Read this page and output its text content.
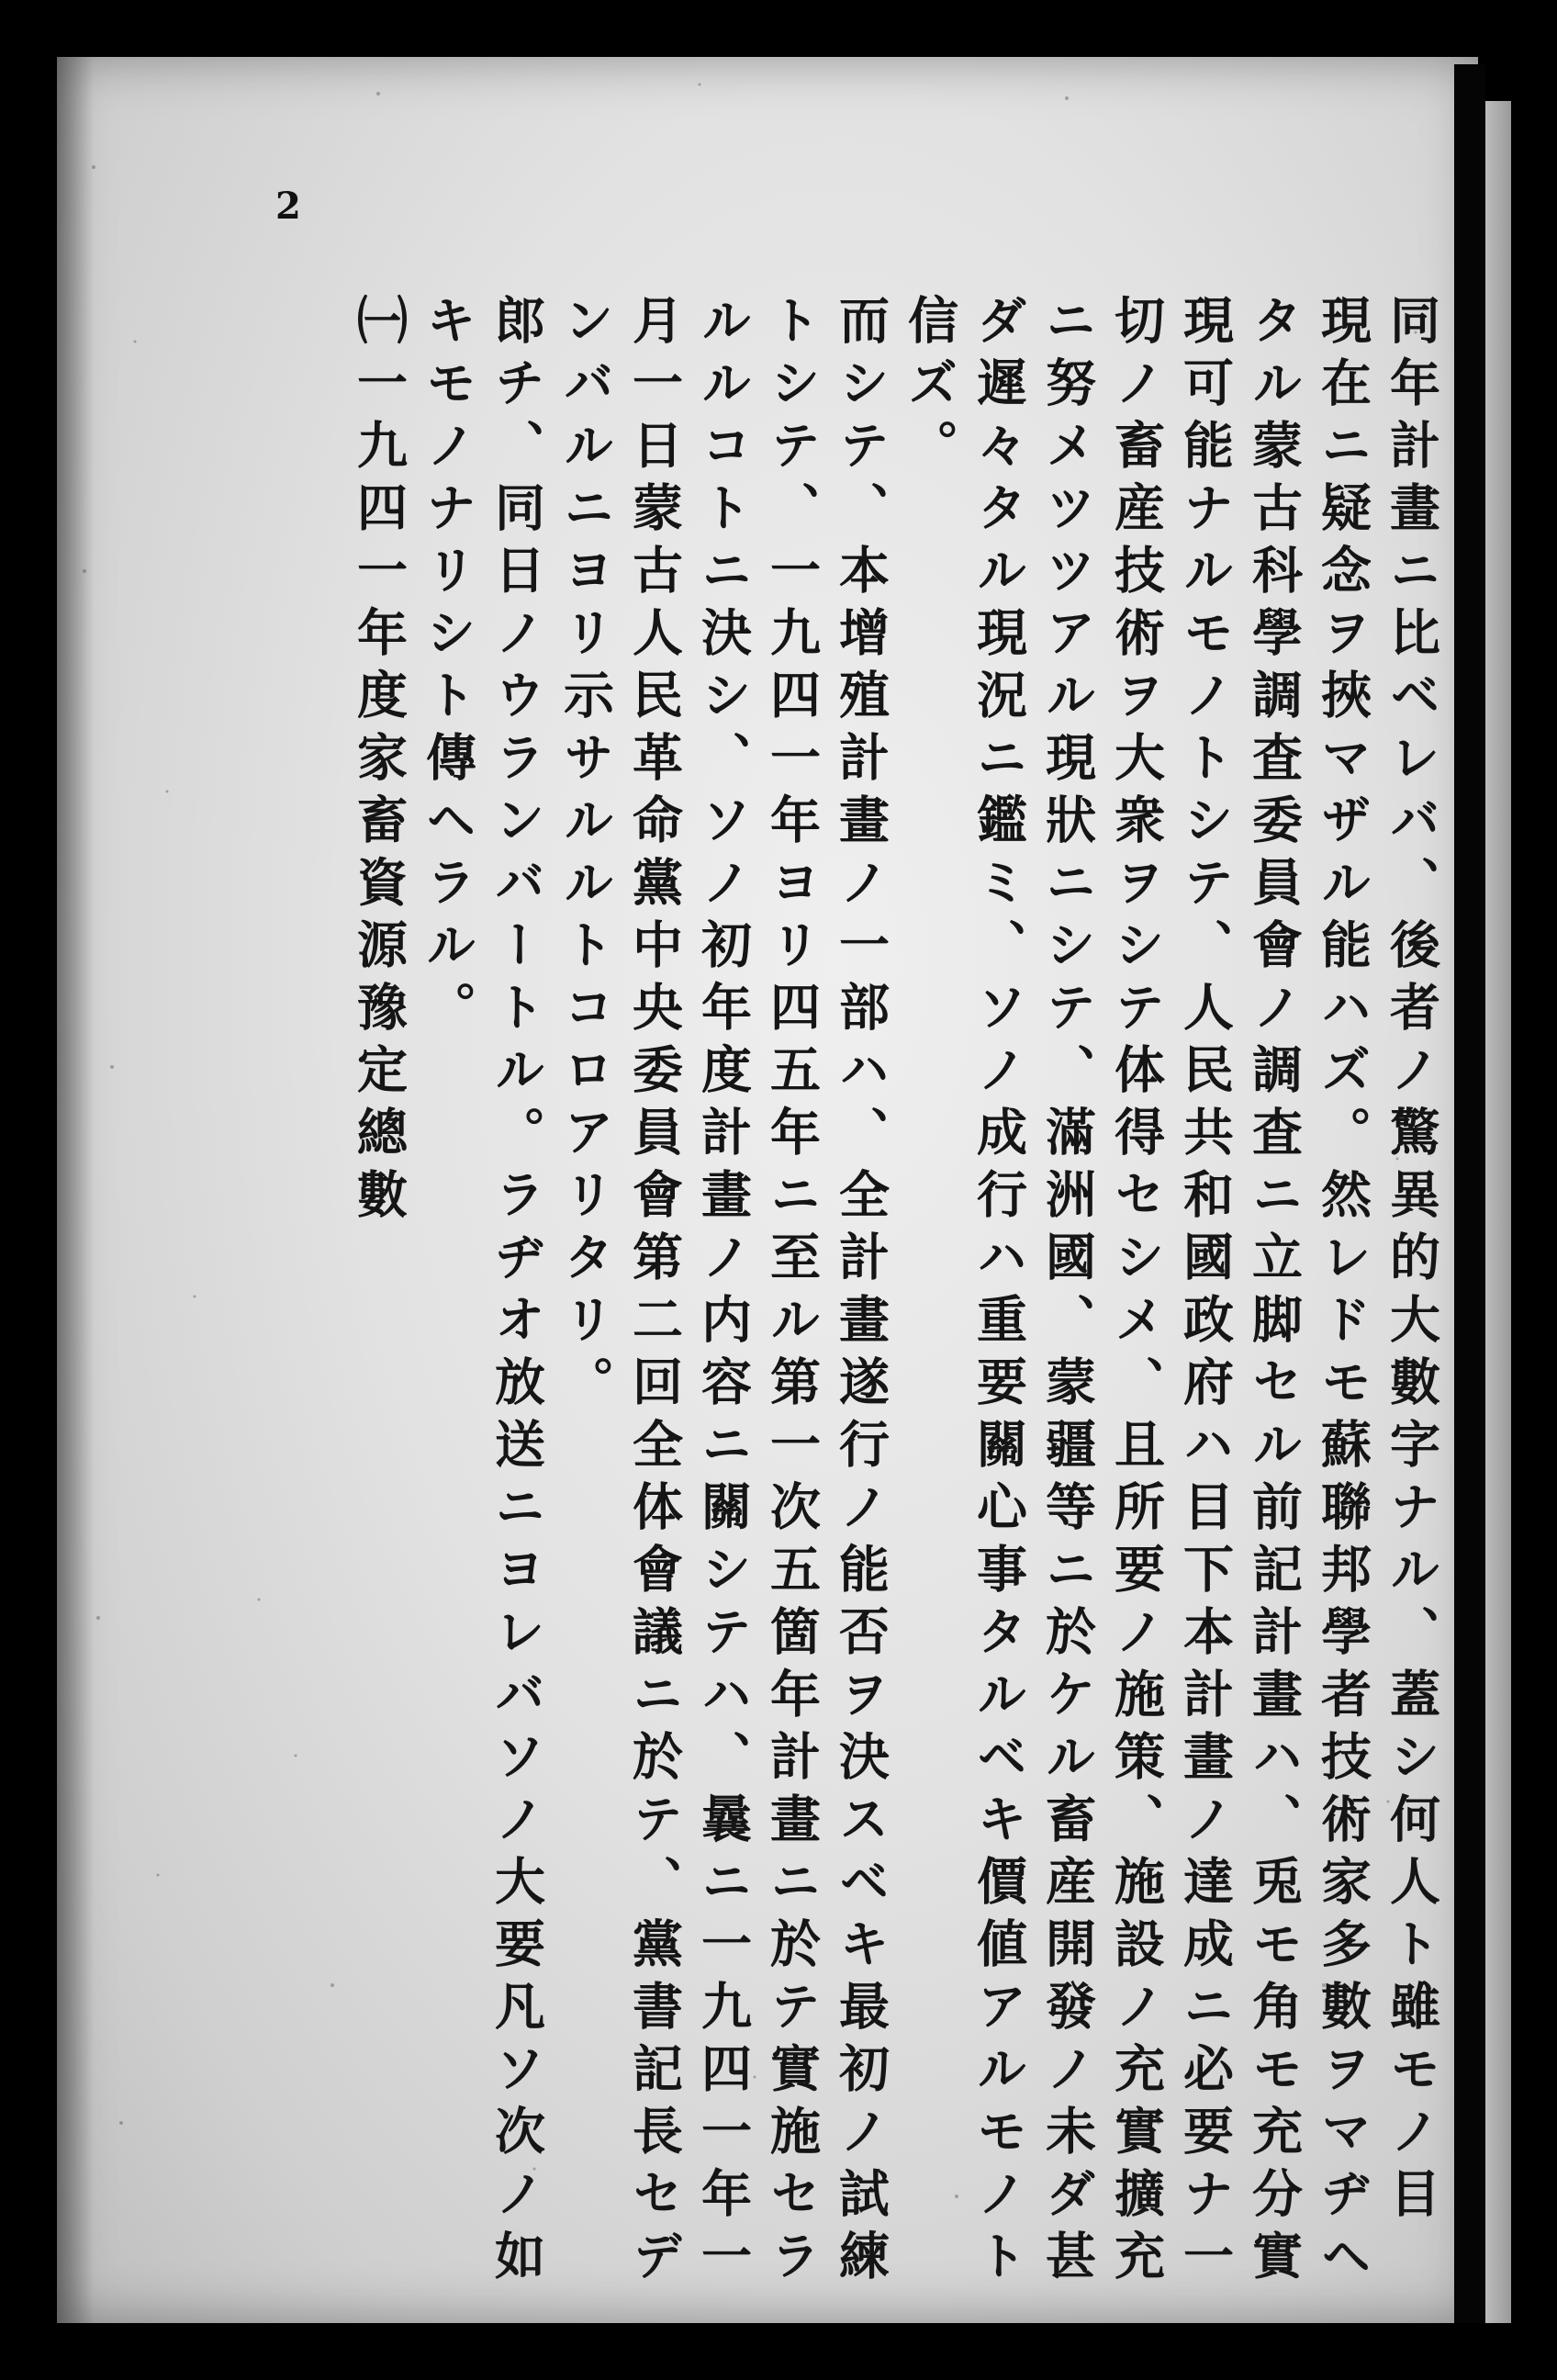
2
同年計畫ニ比ベレバ、後者ノ驚異的大數字ナル、蓋シ何人ト雖モノ目
現在ニ疑念ヲ挾マザル能ハズ。然レドモ蘇聯邦學者技術家多數ヲマヂヘ
タル蒙古科學調査委員會ノ調査ニ立脚セル前記計畫ハ、兎モ角モ充分實
現可能ナルモノトシテ、人民共和國政府ハ目下本計畫ノ達成ニ必要ナ一
切ノ畜産技術ヲ大衆ヲシテ体得セシメ、且所要ノ施策、施設ノ充實擴充
ニ努メツツアル現狀ニシテ、滿洲國、蒙疆等ニ於ケル畜産開發ノ未ダ甚
ダ遲々タル現況ニ鑑ミ、ソノ成行ハ重要關心事タルベキ價値アルモノト
信ズ。
而シテ、本增殖計畫ノ一部ハ、全計畫遂行ノ能否ヲ決スベキ最初ノ試練
トシテ、一九四一年ヨリ四五年ニ至ル第一次五箇年計畫ニ於テ實施セラ
ルルコトニ決シ、ソノ初年度計畫ノ内容ニ關シテハ、曩ニ一九四一年一
月一日蒙古人民革命黨中央委員會第二回全体會議ニ於テ、黨書記長セデ
ンバルニヨリ示サルルトコロアリタリ。
郎チ、同日ノウランバートル。ラヂオ放送ニヨレバソノ大要凡ソ次ノ如
キモノナリシト傳ヘラル。
㈠一九四一年度家畜資源豫定總數
